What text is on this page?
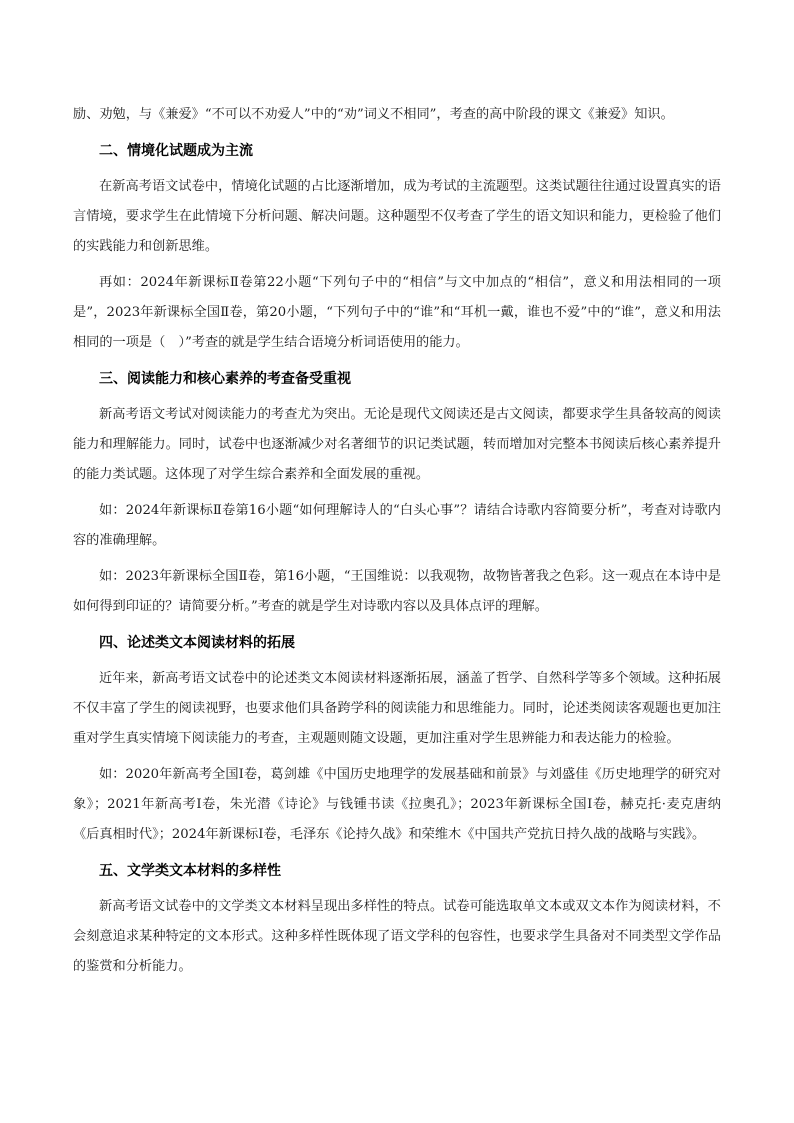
励、劝勉，与《兼爱》“不可以不劝爱人”中的“劝”词义不相同”，考查的高中阶段的课文《兼爱》知识。

二、情境化试题成为主流

在新高考语文试卷中，情境化试题的占比逐渐增加，成为考试的主流题型。这类试题往往通过设置真实的语言情境，要求学生在此情境下分析问题、解决问题。这种题型不仅考查了学生的语文知识和能力，更检验了他们的实践能力和创新思维。

再如：2024年新课标Ⅱ卷第22小题“下列句子中的“相信”与文中加点的“相信”，意义和用法相同的一项是”，2023年新课标全国Ⅱ卷，第20小题，“下列句子中的“谁”和“耳机一戴，谁也不爱”中的“谁”，意义和用法相同的一项是（　）”考查的就是学生结合语境分析词语使用的能力。

三、阅读能力和核心素养的考查备受重视

新高考语文考试对阅读能力的考查尤为突出。无论是现代文阅读还是古文阅读，都要求学生具备较高的阅读能力和理解能力。同时，试卷中也逐渐减少对名著细节的识记类试题，转而增加对完整本书阅读后核心素养提升的能力类试题。这体现了对学生综合素养和全面发展的重视。

如：2024年新课标Ⅱ卷第16小题“如何理解诗人的“白头心事”？请结合诗歌内容简要分析”，考查对诗歌内容的准确理解。

如：2023年新课标全国Ⅱ卷，第16小题，“王国维说：以我观物，故物皆著我之色彩。这一观点在本诗中是如何得到印证的？请简要分析。”考查的就是学生对诗歌内容以及具体点评的理解。

四、论述类文本阅读材料的拓展

近年来，新高考语文试卷中的论述类文本阅读材料逐渐拓展，涵盖了哲学、自然科学等多个领域。这种拓展不仅丰富了学生的阅读视野，也要求他们具备跨学科的阅读能力和思维能力。同时，论述类阅读客观题也更加注重对学生真实情境下阅读能力的考查，主观题则随文设题，更加注重对学生思辨能力和表达能力的检验。

如：2020年新高考全国Ⅰ卷，葛剑雄《中国历史地理学的发展基础和前景》与刘盛佳《历史地理学的研究对象》；2021年新高考Ⅰ卷，朱光潜《诗论》与钱锺书读《拉奥孔》；2023年新课标全国Ⅰ卷，赫克托·麦克唐纳《后真相时代》；2024年新课标Ⅰ卷，毛泽东《论持久战》和荣维木《中国共产党抗日持久战的战略与实践》。

五、文学类文本材料的多样性

新高考语文试卷中的文学类文本材料呈现出多样性的特点。试卷可能选取单文本或双文本作为阅读材料，不会刻意追求某种特定的文本形式。这种多样性既体现了语文学科的包容性，也要求学生具备对不同类型文学作品的鉴赏和分析能力。
